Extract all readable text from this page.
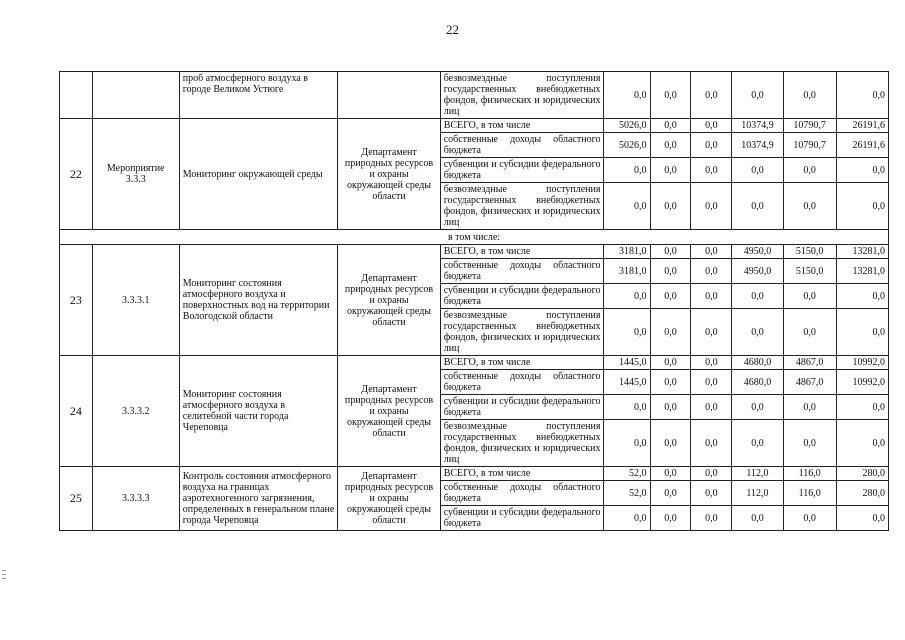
22
		проб атмосферного воздуха в городе Великом Устюге		безвозмездные поступления государственных внебюджетных фондов, физических и юридических лиц	0,0	0,0	0,0	0,0	0,0	0,0
22	Мероприятие 3.3.3	Мониторинг окружающей среды	Департамент природных ресурсов и охраны окружающей среды области	ВСЕГО, в том числе	5026,0	0,0	0,0	10374,9	10790,7	26191,6
				собственные доходы областного бюджета	5026,0	0,0	0,0	10374,9	10790,7	26191,6
				субвенции и субсидии федерального бюджета	0,0	0,0	0,0	0,0	0,0	0,0
				безвозмездные поступления государственных внебюджетных фондов, физических и юридических лиц	0,0	0,0	0,0	0,0	0,0	0,0
в том числе:										
23	3.3.3.1	Мониторинг состояния атмосферного воздуха и поверхностных вод на территории Вологодской области	Департамент природных ресурсов и охраны окружающей среды области	ВСЕГО, в том числе	3181,0	0,0	0,0	4950,0	5150,0	13281,0
				собственные доходы областного бюджета	3181,0	0,0	0,0	4950,0	5150,0	13281,0
				субвенции и субсидии федерального бюджета	0,0	0,0	0,0	0,0	0,0	0,0
				безвозмездные поступления государственных внебюджетных фондов, физических и юридических лиц	0,0	0,0	0,0	0,0	0,0	0,0
24	3.3.3.2	Мониторинг состояния атмосферного воздуха в селитебной части города Череповца	Департамент природных ресурсов и охраны окружающей среды области	ВСЕГО, в том числе	1445,0	0,0	0,0	4680,0	4867,0	10992,0
				собственные доходы областного бюджета	1445,0	0,0	0,0	4680,0	4867,0	10992,0
				субвенции и субсидии федерального бюджета	0,0	0,0	0,0	0,0	0,0	0,0
				безвозмездные поступления государственных внебюджетных фондов, физических и юридических лиц	0,0	0,0	0,0	0,0	0,0	0,0
25	3.3.3.3	Контроль состояния атмосферного воздуха на границах аэротехногенного загрязнения, определенных в генеральном плане города Череповца	Департамент природных ресурсов и охраны окружающей среды области	ВСЕГО, в том числе	52,0	0,0	0,0	112,0	116,0	280,0
				собственные доходы областного бюджета	52,0	0,0	0,0	112,0	116,0	280,0
				субвенции и субсидии федерального бюджета	0,0	0,0	0,0	0,0	0,0	0,0
